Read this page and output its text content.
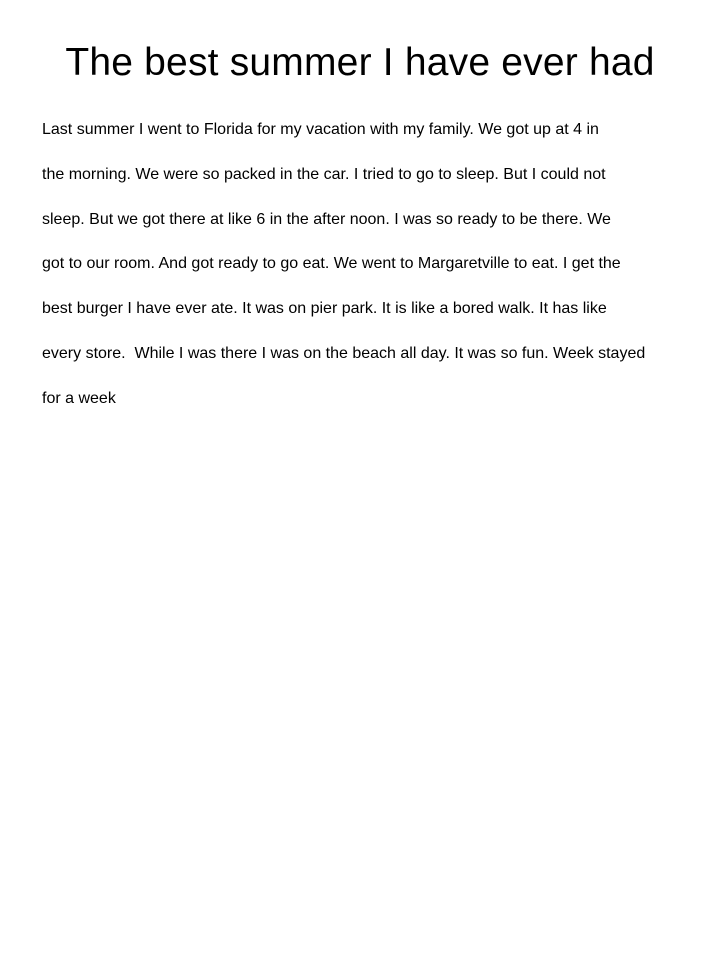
The best summer I have ever had

Last summer I went to Florida for my vacation with my family. We got up at 4 in

the morning. We were so packed in the car. I tried to go to sleep. But I could not

sleep. But we got there at like 6 in the after noon. I was so ready to be there. We

got to our room. And got ready to go eat. We went to Margaretville to eat. I get the

best burger I have ever ate. It was on pier park. It is like a bored walk. It has like

every store.  While I was there I was on the beach all day. It was so fun. Week stayed

for a week
